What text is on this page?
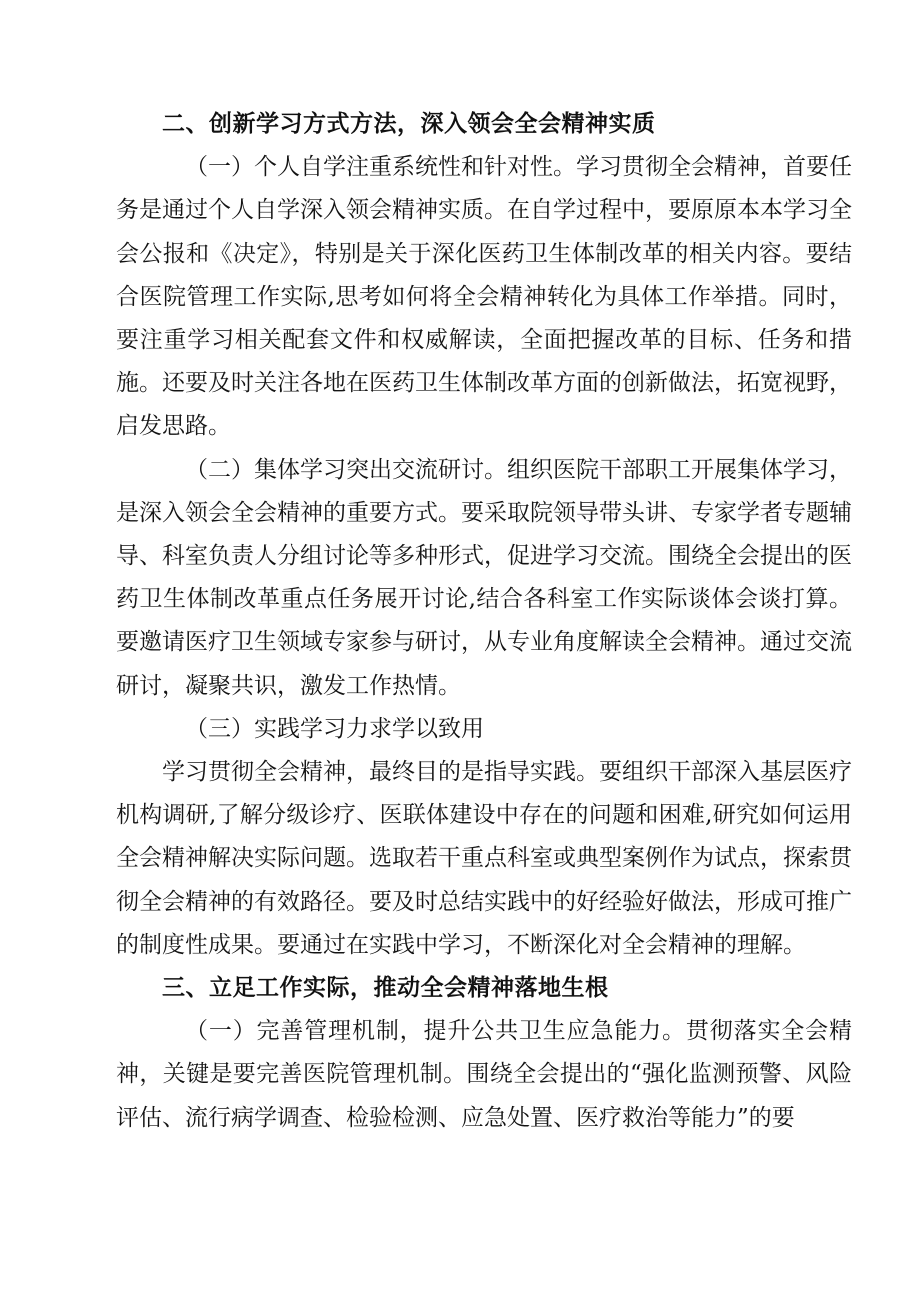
二、创新学习方式方法，深入领会全会精神实质

（一）个人自学注重系统性和针对性。学习贯彻全会精神，首要任务是通过个人自学深入领会精神实质。在自学过程中，要原原本本学习全会公报和《决定》，特别是关于深化医药卫生体制改革的相关内容。要结合医院管理工作实际,思考如何将全会精神转化为具体工作举措。同时，要注重学习相关配套文件和权威解读，全面把握改革的目标、任务和措施。还要及时关注各地在医药卫生体制改革方面的创新做法，拓宽视野，启发思路。

（二）集体学习突出交流研讨。组织医院干部职工开展集体学习，是深入领会全会精神的重要方式。要采取院领导带头讲、专家学者专题辅导、科室负责人分组讨论等多种形式，促进学习交流。围绕全会提出的医药卫生体制改革重点任务展开讨论,结合各科室工作实际谈体会谈打算。要邀请医疗卫生领域专家参与研讨，从专业角度解读全会精神。通过交流研讨，凝聚共识，激发工作热情。

（三）实践学习力求学以致用

学习贯彻全会精神，最终目的是指导实践。要组织干部深入基层医疗机构调研,了解分级诊疗、医联体建设中存在的问题和困难,研究如何运用全会精神解决实际问题。选取若干重点科室或典型案例作为试点，探索贯彻全会精神的有效路径。要及时总结实践中的好经验好做法，形成可推广的制度性成果。要通过在实践中学习，不断深化对全会精神的理解。

三、立足工作实际，推动全会精神落地生根

（一）完善管理机制，提升公共卫生应急能力。贯彻落实全会精神，关键是要完善医院管理机制。围绕全会提出的“强化监测预警、风险评估、流行病学调查、检验检测、应急处置、医疗救治等能力”的要
